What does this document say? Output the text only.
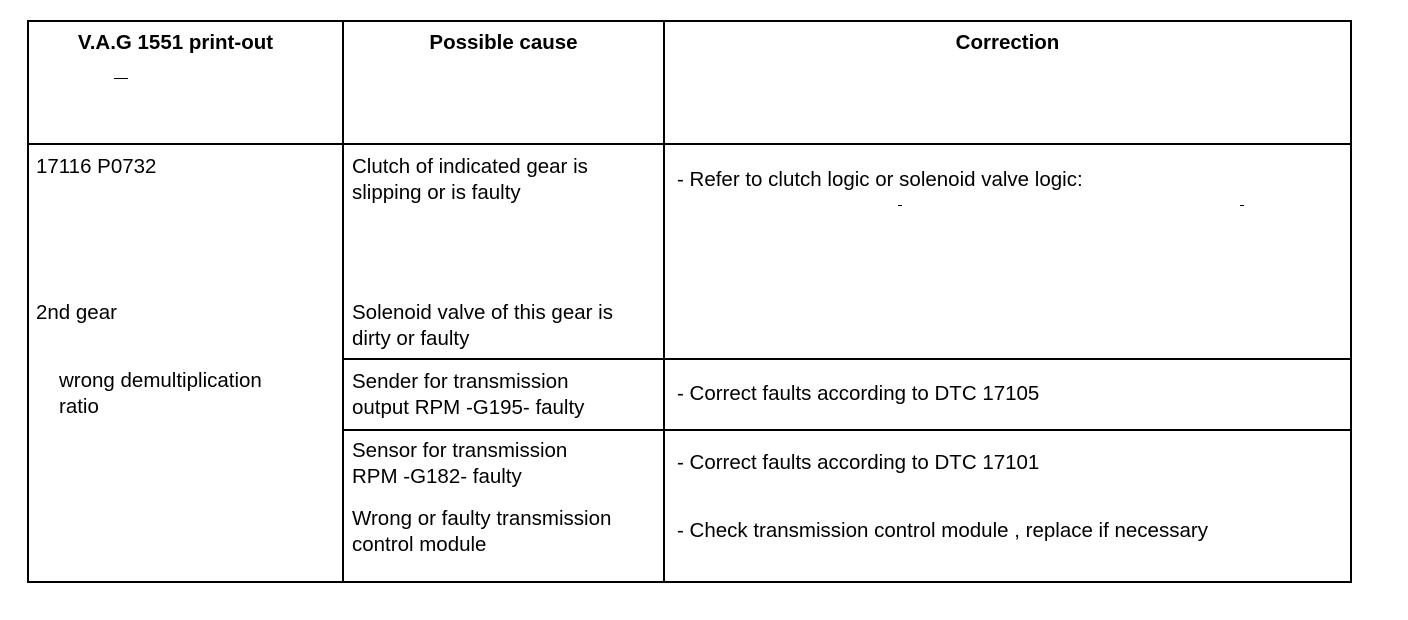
V.A.G 1551 print-out	Possible cause	Correction
17116 P0732
2nd gear
wrong demultiplication
ratio
Clutch of indicated gear is
slipping or is faulty
Solenoid valve of this gear is
dirty or faulty
Sender for transmission
output RPM -G195- faulty
Sensor for transmission
RPM -G182- faulty
Wrong or faulty transmission
control module
- Refer to clutch logic or solenoid valve logic:
- Correct faults according to DTC 17105
- Correct faults according to DTC 17101
- Check transmission control module , replace if necessary
